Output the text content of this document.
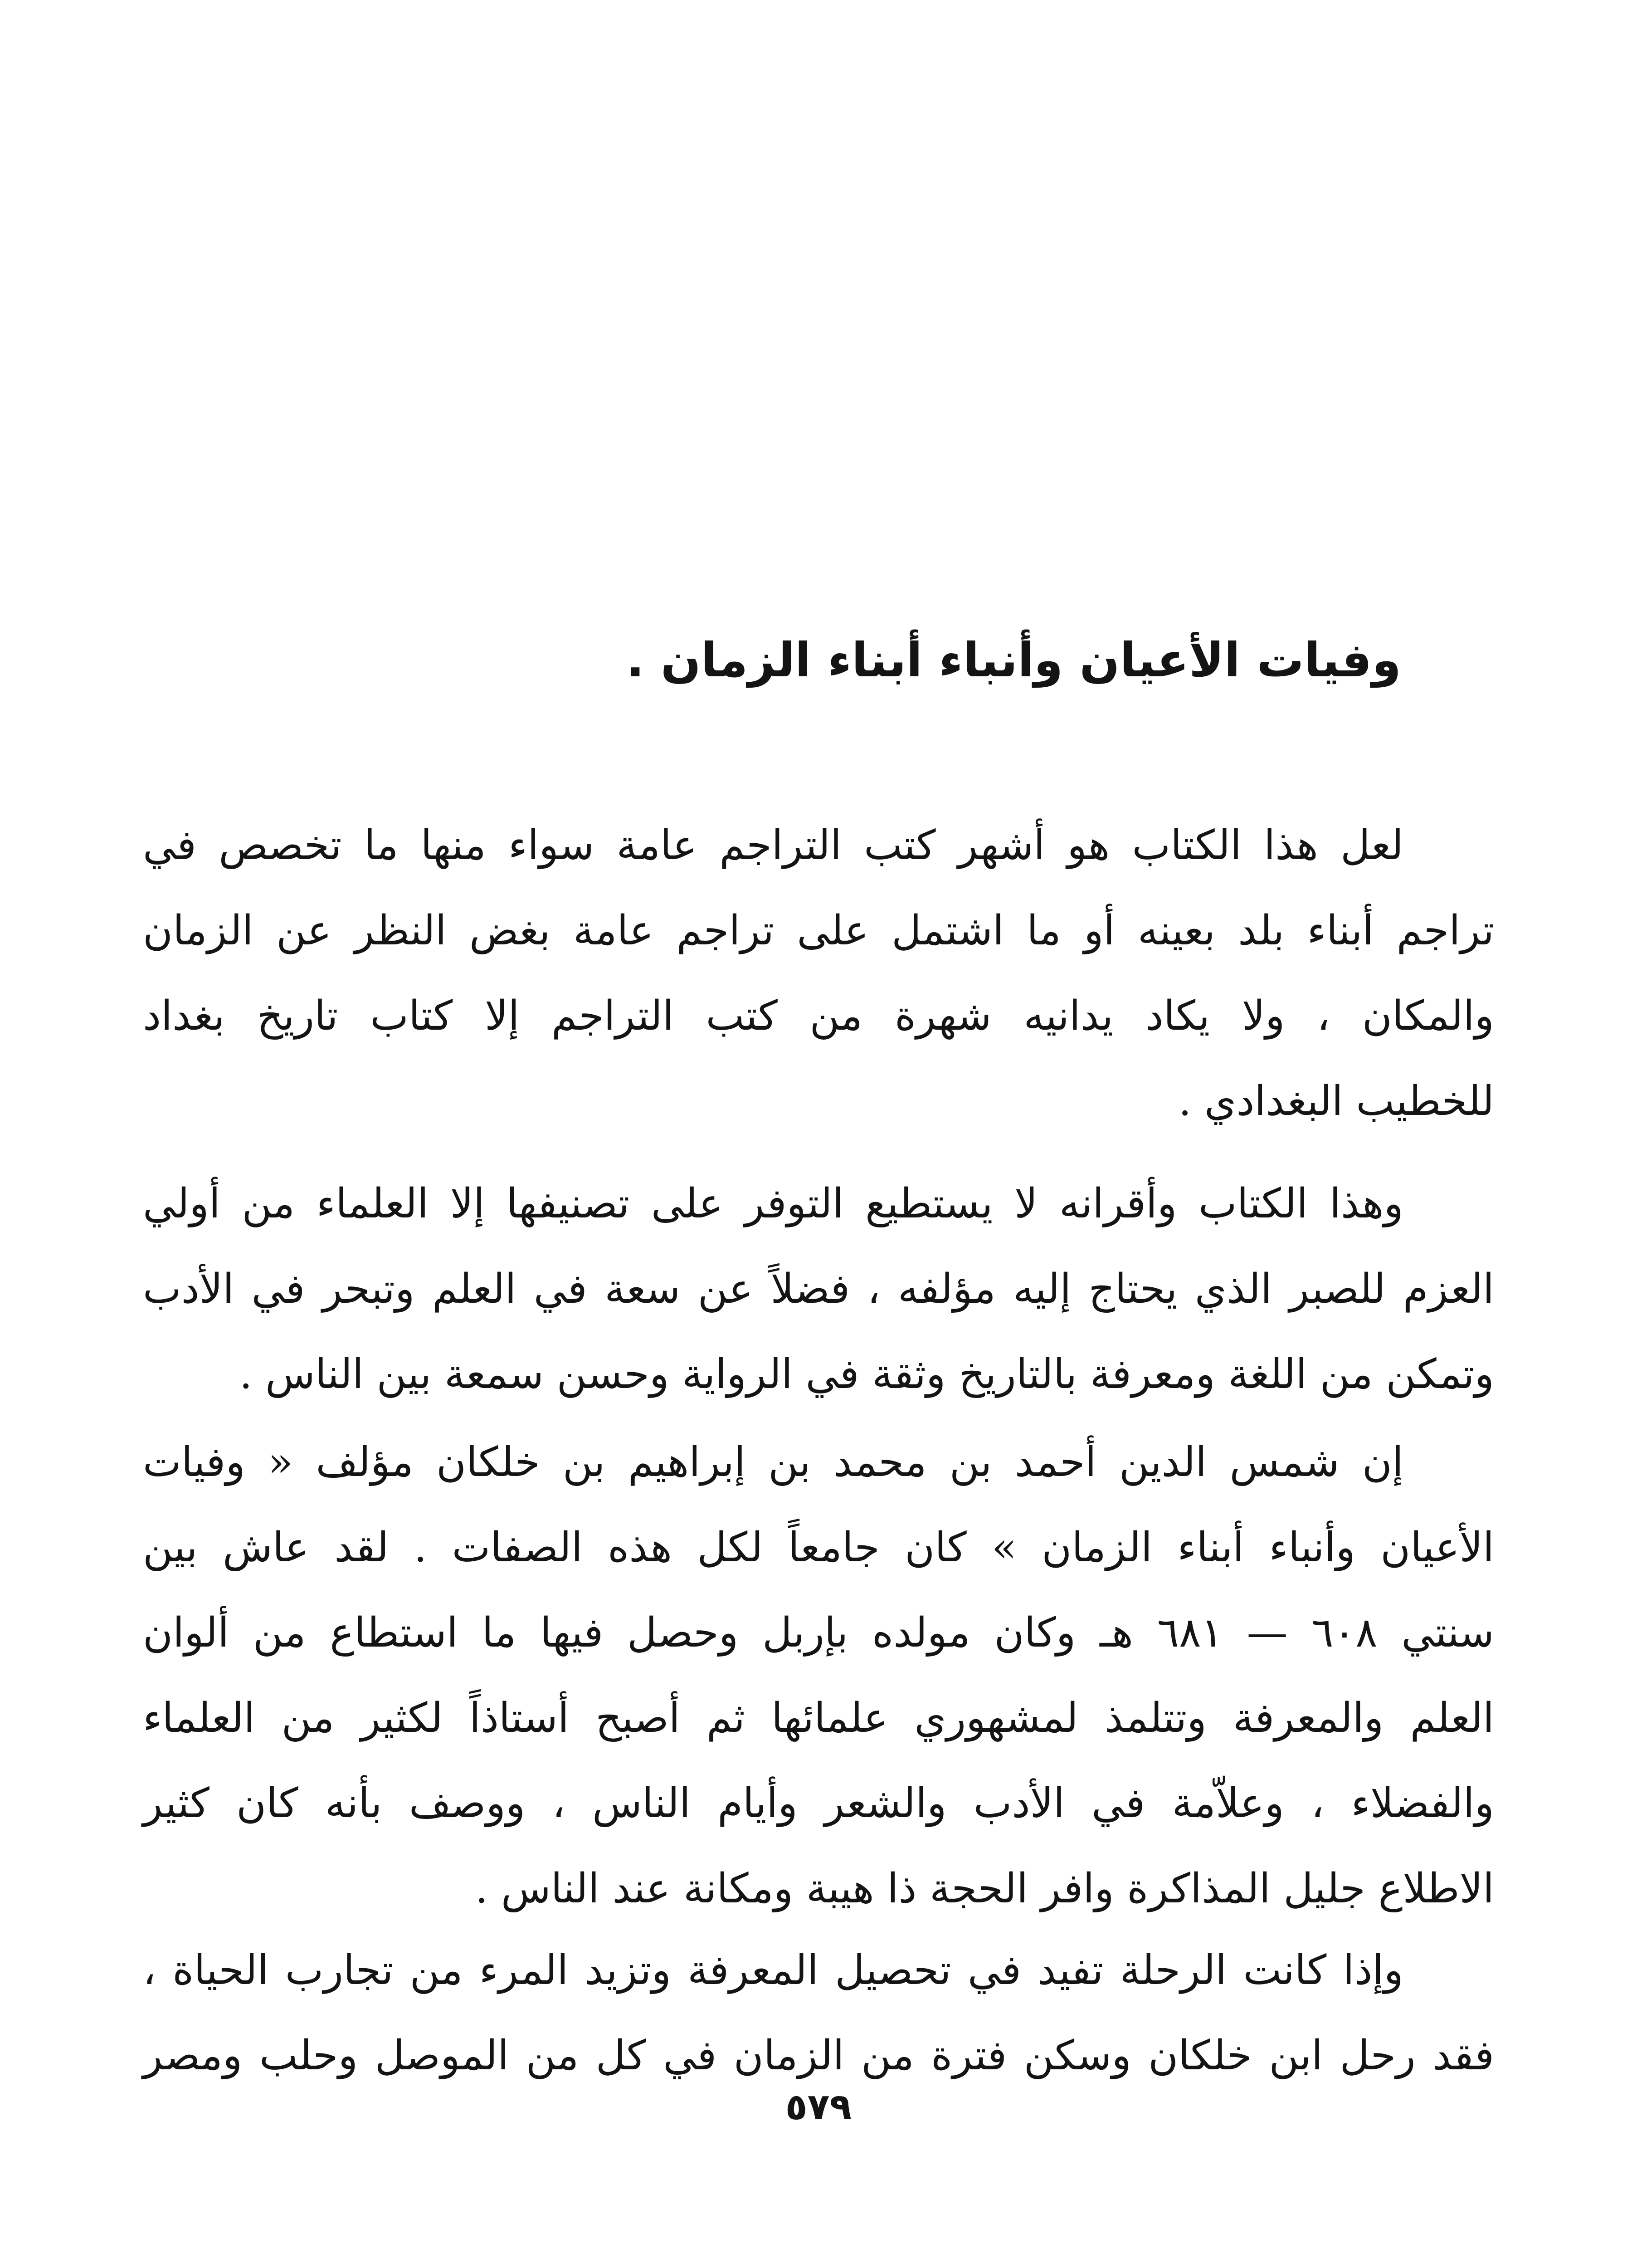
وفيات الأعيان وأنباء أبناء الزمان .
لعل هذا الكتاب هو أشهر كتب التراجم عامة سواء منها ما تخصص في
تراجم أبناء بلد بعينه أو ما اشتمل على تراجم عامة بغض النظر عن الزمان
والمكان ، ولا يكاد يدانيه شهرة من كتب التراجم إلا كتاب تاريخ بغداد
للخطيب البغدادي .
وهذا الكتاب وأقرانه لا يستطيع التوفر على تصنيفها إلا العلماء من أولي
العزم للصبر الذي يحتاج إليه مؤلفه ، فضلاً عن سعة في العلم وتبحر في الأدب
وتمكن من اللغة ومعرفة بالتاريخ وثقة في الرواية وحسن سمعة بين الناس .
إن شمس الدين أحمد بن محمد بن إبراهيم بن خلكان مؤلف « وفيات
الأعيان وأنباء أبناء الزمان » كان جامعاً لكل هذه الصفات . لقد عاش بين
سنتي ٦٠٨ — ٦٨١ هـ وكان مولده بإربل وحصل فيها ما استطاع من ألوان
العلم والمعرفة وتتلمذ لمشهوري علمائها ثم أصبح أستاذاً لكثير من العلماء
والفضلاء ، وعلاّمة في الأدب والشعر وأيام الناس ، ووصف بأنه كان كثير
الاطلاع جليل المذاكرة وافر الحجة ذا هيبة ومكانة عند الناس .
وإذا كانت الرحلة تفيد في تحصيل المعرفة وتزيد المرء من تجارب الحياة ،
فقد رحل ابن خلكان وسكن فترة من الزمان في كل من الموصل وحلب ومصر
٥٧٩
